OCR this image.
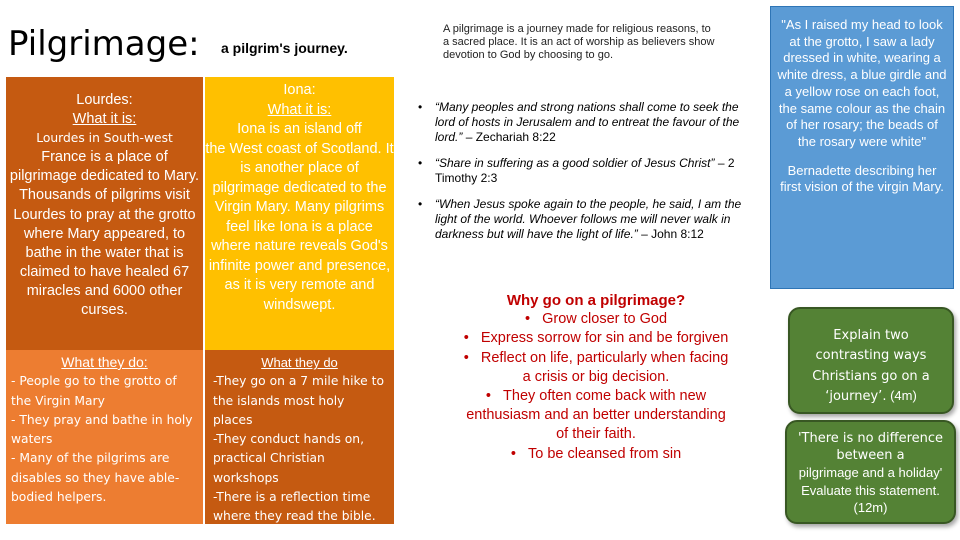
Pilgrimage: a pilgrim's journey.
Lourdes:
What it is:
Lourdes in South-west
France is a place of pilgrimage dedicated to Mary. Thousands of pilgrims visit Lourdes to pray at the grotto where Mary appeared, to bathe in the water that is claimed to have healed 67 miracles and 6000 other curses.
Iona:
What it is:
Iona is an island off
the West coast of Scotland. It is another place of pilgrimage dedicated to the Virgin Mary. Many pilgrims feel like Iona is a place where nature reveals God's infinite power and presence, as it is very remote and windswept.
What they do:
- People go to the grotto of the Virgin Mary
- They pray and bathe in holy waters
- Many of the pilgrims are disables so they have able-bodied helpers.
What they do
-They go on a 7 mile hike to the islands most holy places
-They conduct hands on, practical Christian workshops
-There is a reflection time where they read the bible.
A pilgrimage is a journey made for religious reasons, to a sacred place. It is an act of worship as believers show devotion to God by choosing to go.
• “Many peoples and strong nations shall come to seek the lord of hosts in Jerusalem and to entreat the favour of the lord.” – Zechariah 8:22
• “Share in suffering as a good soldier of Jesus Christ” – 2 Timothy 2:3
• “When Jesus spoke again to the people, he said, I am the light of the world. Whoever follows me will never walk in darkness but will have the light of life.” – John 8:12
Why go on a pilgrimage?
•   Grow closer to God
•   Express sorrow for sin and be forgiven
•   Reflect on life, particularly when facing a crisis or big decision.
•   They often come back with new enthusiasm and an better understanding of their faith.
•   To be cleansed from sin
"As I raised my head to look at the grotto, I saw a lady dressed in white, wearing a white dress, a blue girdle and a yellow rose on each foot, the same colour as the chain of her rosary; the beads of the rosary were white"
Bernadette describing her first vision of the virgin Mary.
Explain two contrasting ways Christians go on a ‘journey’. (4m)
'There is no difference between a
pilgrimage and a holiday' Evaluate this statement. (12m)
